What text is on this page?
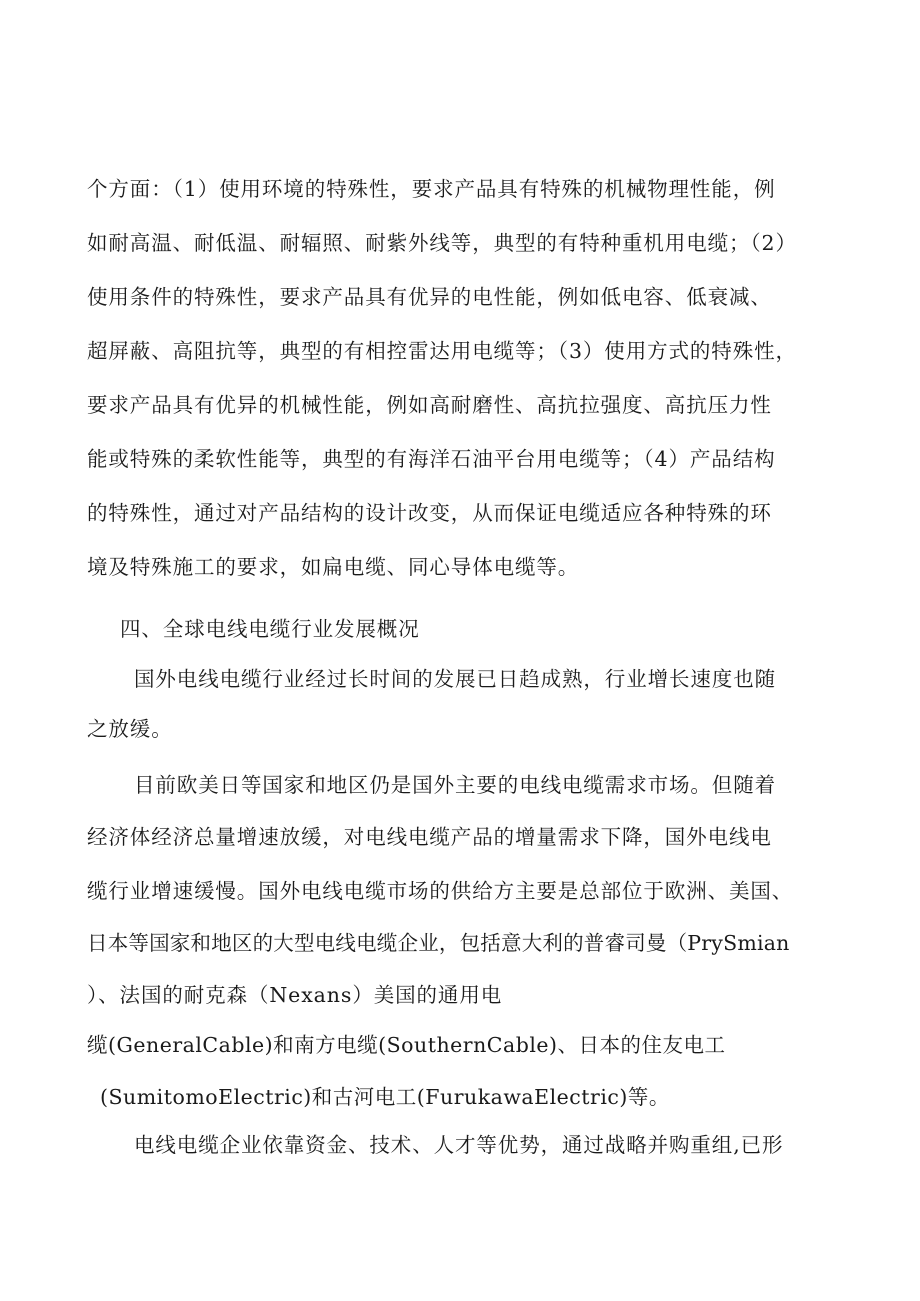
个方面：（1）使用环境的特殊性，要求产品具有特殊的机械物理性能，例
如耐高温、耐低温、耐辐照、耐紫外线等，典型的有特种重机用电缆；（2）
使用条件的特殊性，要求产品具有优异的电性能，例如低电容、低衰减、
超屏蔽、高阻抗等，典型的有相控雷达用电缆等；（3）使用方式的特殊性，
要求产品具有优异的机械性能，例如高耐磨性、高抗拉强度、高抗压力性
能或特殊的柔软性能等，典型的有海洋石油平台用电缆等；（4）产品结构
的特殊性，通过对产品结构的设计改变，从而保证电缆适应各种特殊的环
境及特殊施工的要求，如扁电缆、同心导体电缆等。
四、全球电线电缆行业发展概况
国外电线电缆行业经过长时间的发展已日趋成熟，行业增长速度也随
之放缓。
目前欧美日等国家和地区仍是国外主要的电线电缆需求市场。但随着
经济体经济总量增速放缓，对电线电缆产品的增量需求下降，国外电线电
缆行业增速缓慢。国外电线电缆市场的供给方主要是总部位于欧洲、美国、
日本等国家和地区的大型电线电缆企业，包括意大利的普睿司曼（PrySmian
）、法国的耐克森（Nexans）美国的通用电
缆(GeneralCable)和南方电缆(SouthernCable)、日本的住友电工
(SumitomoElectric)和古河电工(FurukawaElectric)等。
电线电缆企业依靠资金、技术、人才等优势，通过战略并购重组,已形
